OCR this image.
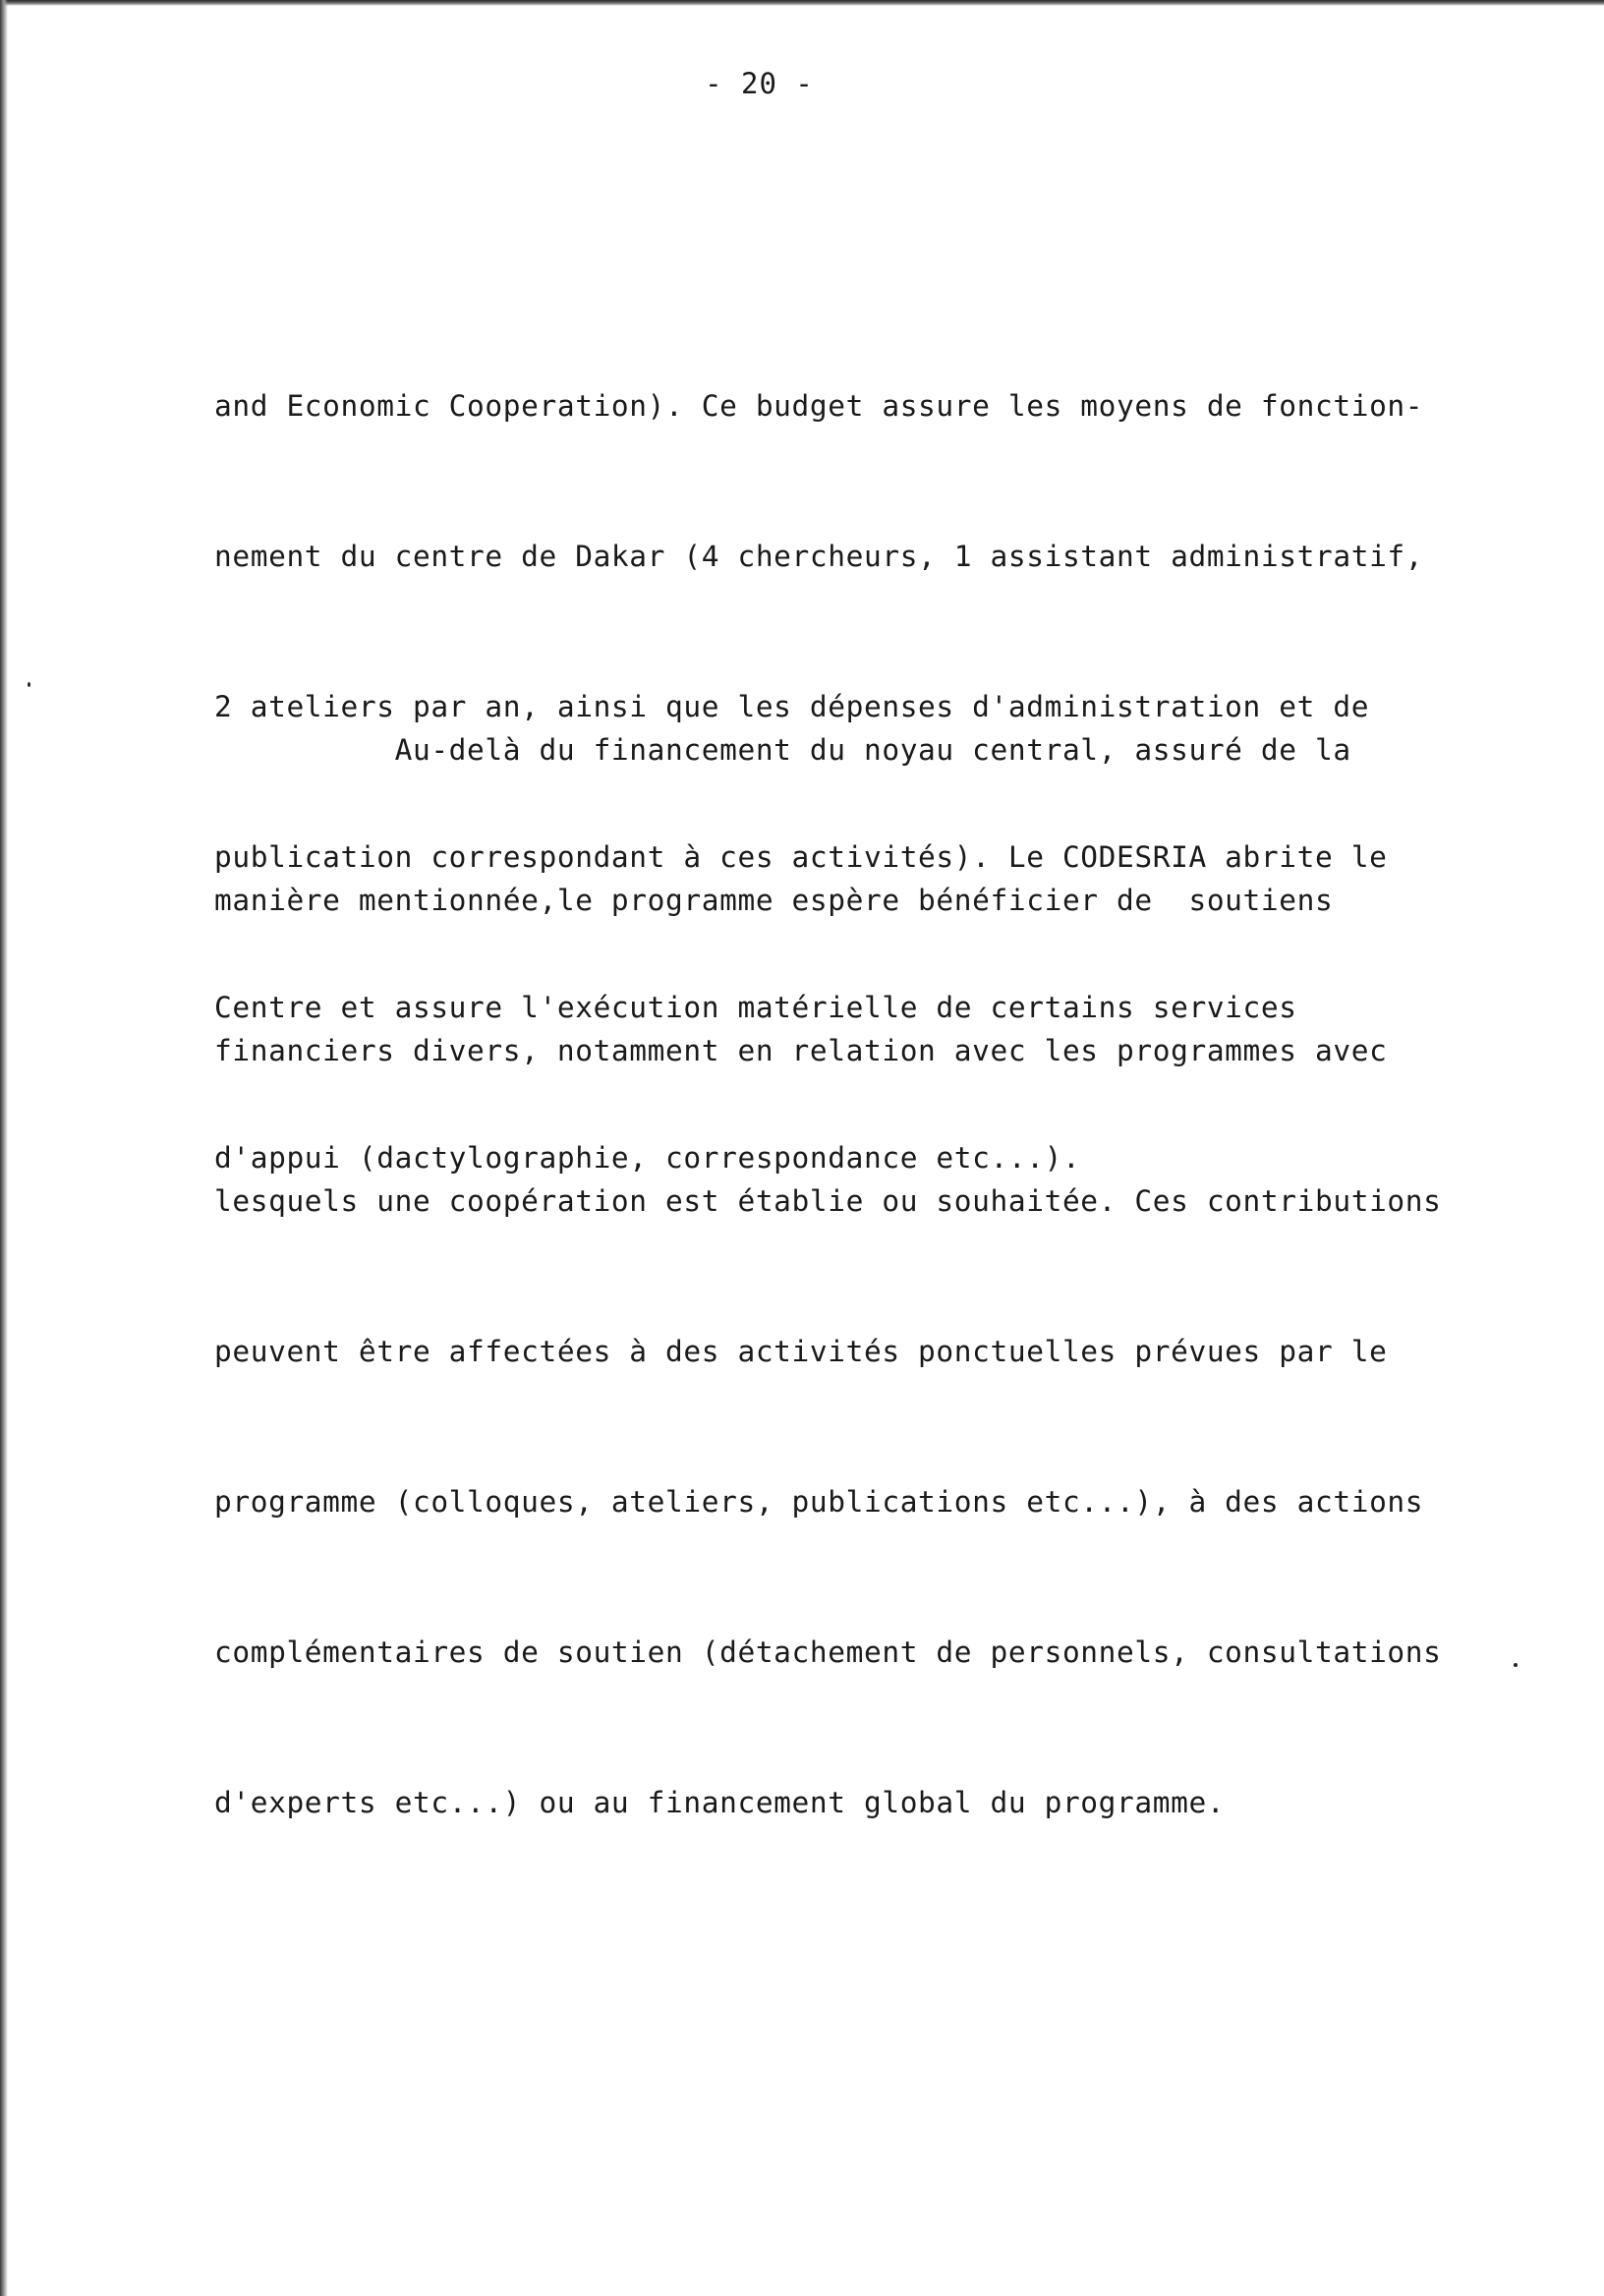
- 20 -

and Economic Cooperation). Ce budget assure les moyens de fonction-

nement du centre de Dakar (4 chercheurs, 1 assistant administratif,

2 ateliers par an, ainsi que les dépenses d'administration et de

publication correspondant à ces activités). Le CODESRIA abrite le

Centre et assure l'exécution matérielle de certains services

d'appui (dactylographie, correspondance etc...).

Au-delà du financement du noyau central, assuré de la

manière mentionnée,le programme espère bénéficier de  soutiens

financiers divers, notamment en relation avec les programmes avec

lesquels une coopération est établie ou souhaitée. Ces contributions

peuvent être affectées à des activités ponctuelles prévues par le

programme (colloques, ateliers, publications etc...), à des actions

complémentaires de soutien (détachement de personnels, consultations

d'experts etc...) ou au financement global du programme.
